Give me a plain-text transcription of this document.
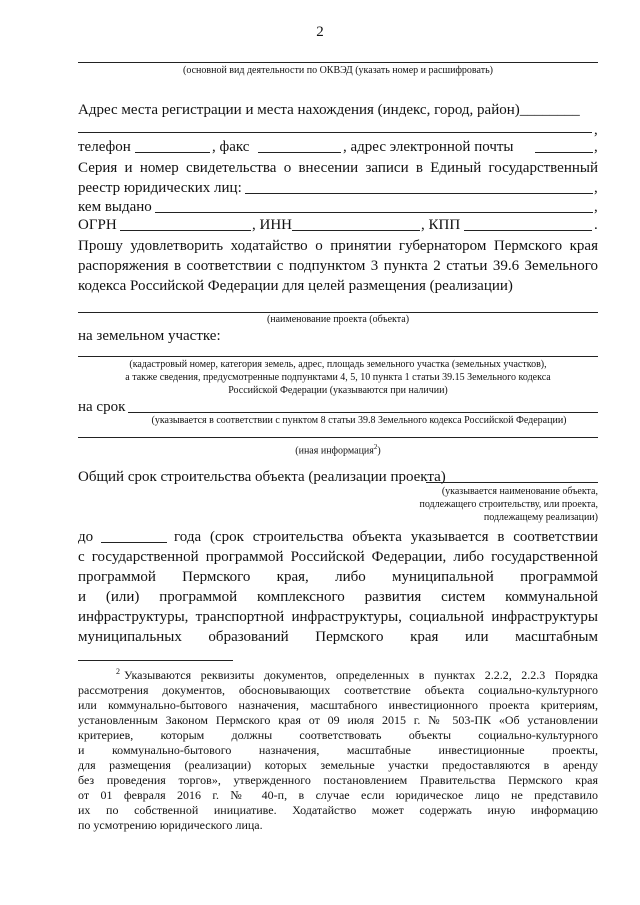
2
(основной вид деятельности по ОКВЭД (указать номер и расшифровать)
Адрес места регистрации и места нахождения (индекс, город, район)________
,
телефон	, факс	, адрес электронной почты	,
Серия и номер свидетельства о внесении записи в Единый государственный
реестр юридических лиц:	,
кем выдано	,
ОГРН	, ИНН	, КПП	.
Прошу удовлетворить ходатайство о принятии губернатором Пермского края
распоряжения в соответствии с подпунктом 3 пункта 2 статьи 39.6 Земельного
кодекса Российской Федерации для целей размещения (реализации)
(наименование проекта (объекта)
на земельном участке:
(кадастровый номер, категория земель, адрес, площадь земельного участка (земельных участков),
а также сведения, предусмотренные подпунктами 4, 5, 10 пункта 1 статьи 39.15 Земельного кодекса
Российской Федерации (указываются при наличии)
на срок
(указывается в соответствии с пунктом 8 статьи 39.8 Земельного кодекса Российской Федерации)
(иная информация$^2$)
Общий срок строительства объекта (реализации проекта)
(указывается наименование объекта,
подлежащего строительству, или проекта,
подлежащему реализации)
до	года (срок строительства объекта указывается в соответствии
с государственной программой Российской Федерации, либо государственной
программой Пермского края, либо муниципальной программой
и (или) программой комплексного развития систем коммунальной
инфраструктуры, транспортной инфраструктуры, социальной инфраструктуры
муниципальных образований Пермского края или масштабным
$^2$ Указываются реквизиты документов, определенных в пунктах 2.2.2, 2.2.3 Порядка
рассмотрения документов, обосновывающих соответствие объекта социально-культурного
или коммунально-бытового назначения, масштабного инвестиционного проекта критериям,
установленным Законом Пермского края от 09 июля 2015 г. № 503-ПК «Об установлении
критериев, которым должны соответствовать объекты социально-культурного
и коммунально-бытового назначения, масштабные инвестиционные проекты,
для размещения (реализации) которых земельные участки предоставляются в аренду
без проведения торгов», утвержденного постановлением Правительства Пермского края
от 01 февраля 2016 г. № 40-п, в случае если юридическое лицо не представило
их по собственной инициативе. Ходатайство может содержать иную информацию
по усмотрению юридического лица.
